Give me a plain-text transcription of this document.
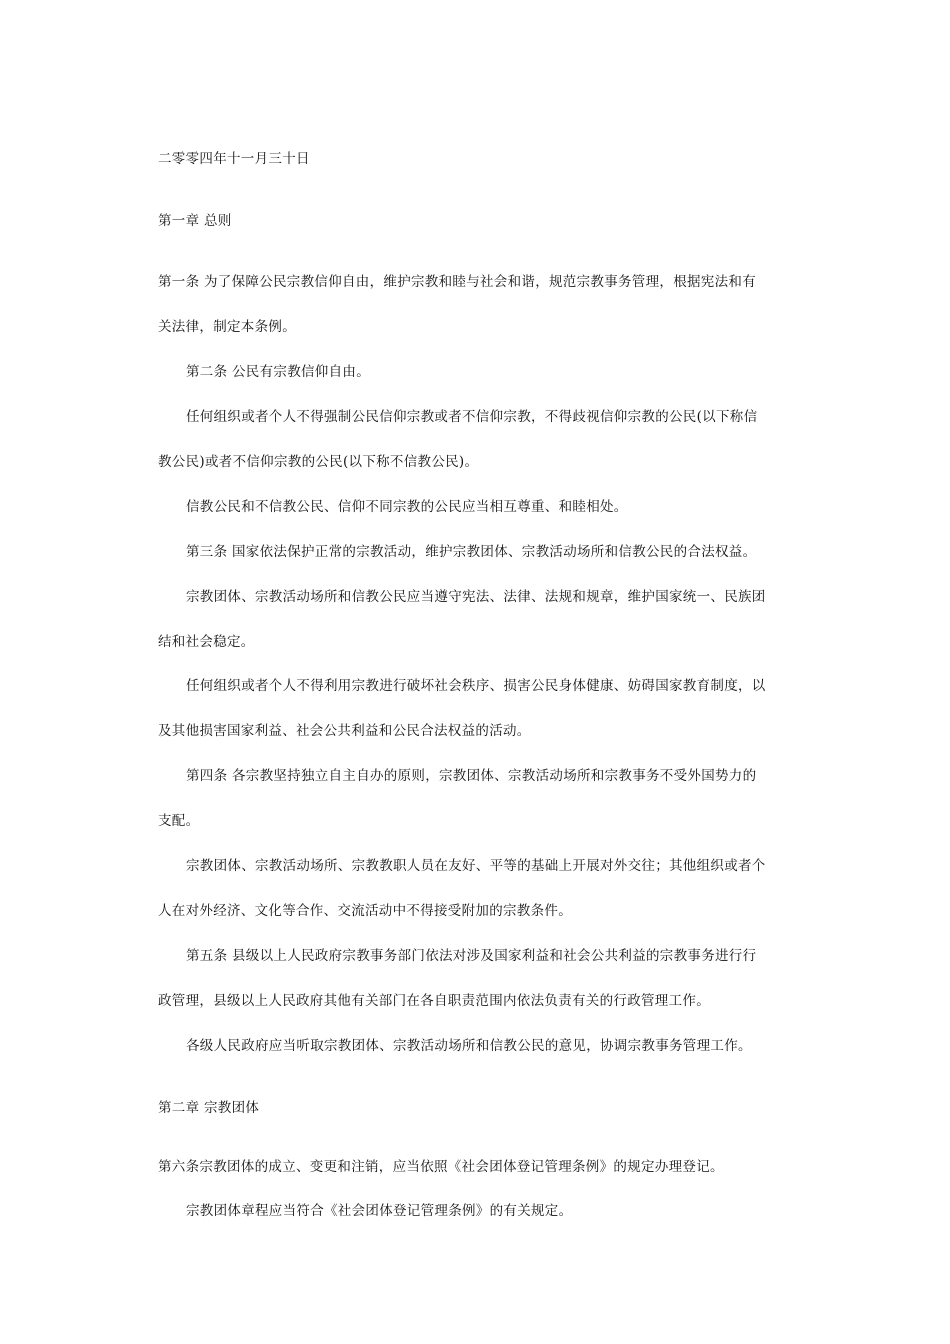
二零零四年十一月三十日
第一章 总则
第一条 为了保障公民宗教信仰自由，维护宗教和睦与社会和谐，规范宗教事务管理，根据宪法和有
关法律，制定本条例。
第二条 公民有宗教信仰自由。
任何组织或者个人不得强制公民信仰宗教或者不信仰宗教，不得歧视信仰宗教的公民(以下称信
教公民)或者不信仰宗教的公民(以下称不信教公民)。
信教公民和不信教公民、信仰不同宗教的公民应当相互尊重、和睦相处。
第三条 国家依法保护正常的宗教活动，维护宗教团体、宗教活动场所和信教公民的合法权益。
宗教团体、宗教活动场所和信教公民应当遵守宪法、法律、法规和规章，维护国家统一、民族团
结和社会稳定。
任何组织或者个人不得利用宗教进行破坏社会秩序、损害公民身体健康、妨碍国家教育制度，以
及其他损害国家利益、社会公共利益和公民合法权益的活动。
第四条 各宗教坚持独立自主自办的原则，宗教团体、宗教活动场所和宗教事务不受外国势力的
支配。
宗教团体、宗教活动场所、宗教教职人员在友好、平等的基础上开展对外交往；其他组织或者个
人在对外经济、文化等合作、交流活动中不得接受附加的宗教条件。
第五条 县级以上人民政府宗教事务部门依法对涉及国家利益和社会公共利益的宗教事务进行行
政管理，县级以上人民政府其他有关部门在各自职责范围内依法负责有关的行政管理工作。
各级人民政府应当听取宗教团体、宗教活动场所和信教公民的意见，协调宗教事务管理工作。
第二章 宗教团体
第六条宗教团体的成立、变更和注销，应当依照《社会团体登记管理条例》的规定办理登记。
宗教团体章程应当符合《社会团体登记管理条例》的有关规定。
